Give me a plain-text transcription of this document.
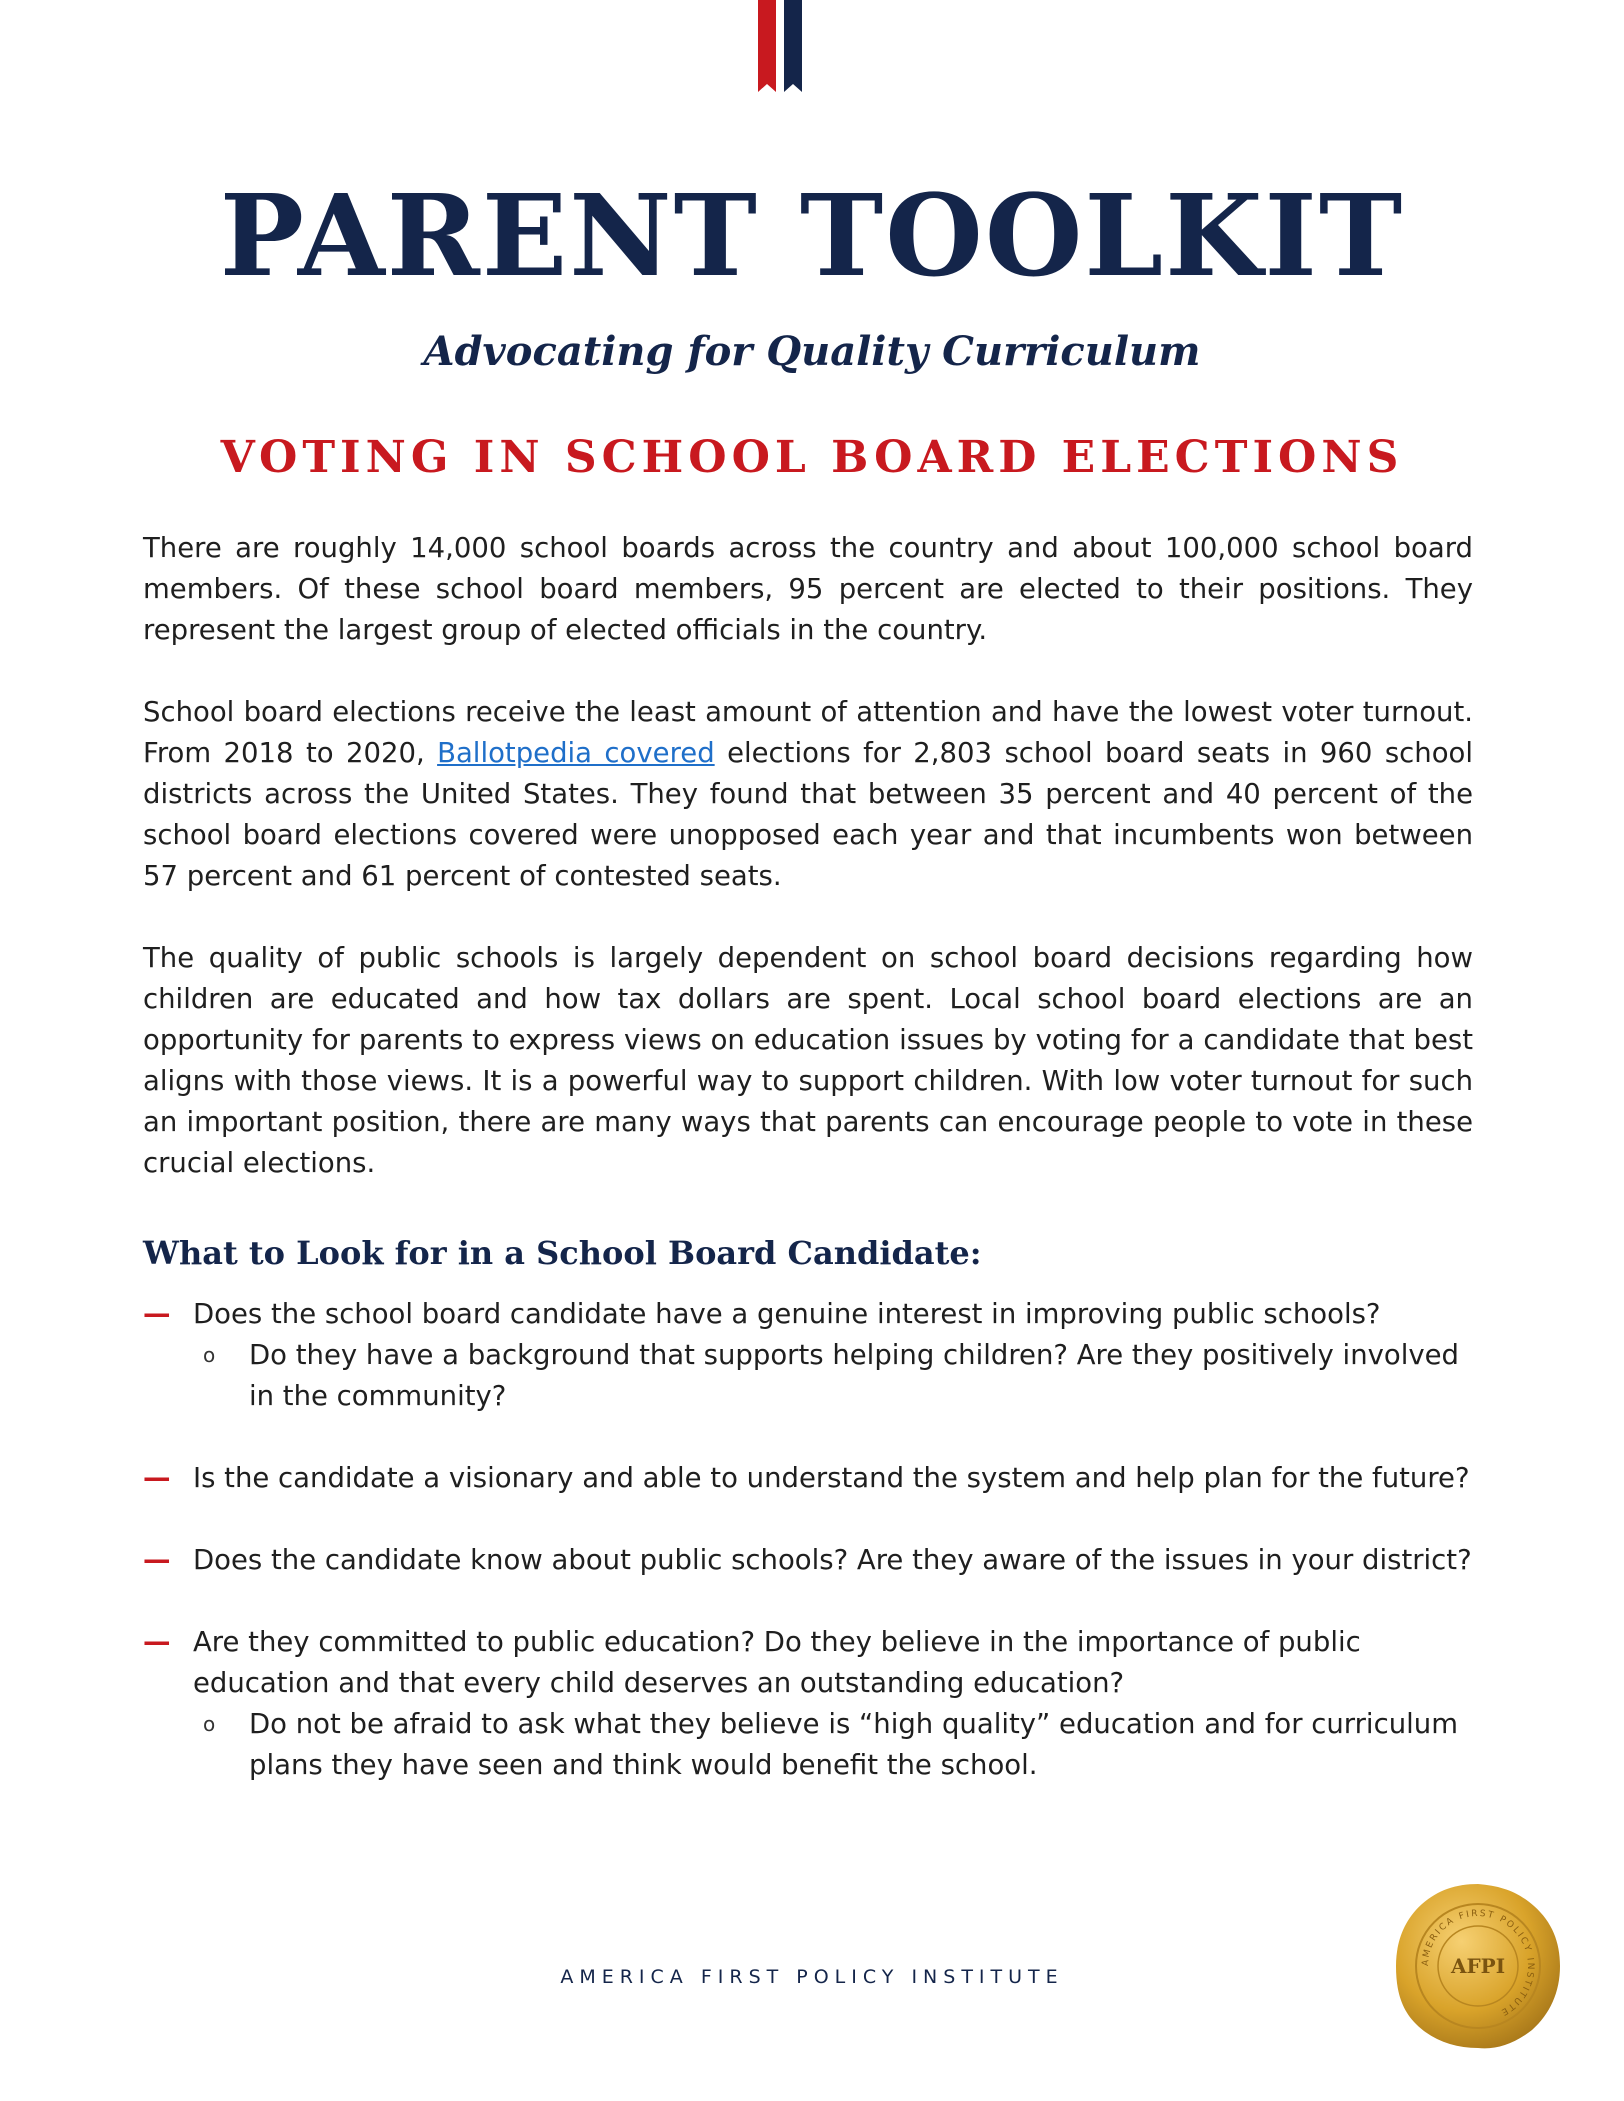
PARENT TOOLKIT
Advocating for Quality Curriculum
VOTING IN SCHOOL BOARD ELECTIONS

There are roughly 14,000 school boards across the country and about 100,000 school board members. Of these school board members, 95 percent are elected to their positions. They represent the largest group of elected officials in the country.

School board elections receive the least amount of attention and have the lowest voter turnout. From 2018 to 2020, Ballotpedia covered elections for 2,803 school board seats in 960 school districts across the United States. They found that between 35 percent and 40 percent of the school board elections covered were unopposed each year and that incumbents won between 57 percent and 61 percent of contested seats.

The quality of public schools is largely dependent on school board decisions regarding how children are educated and how tax dollars are spent. Local school board elections are an opportunity for parents to express views on education issues by voting for a candidate that best aligns with those views. It is a powerful way to support children. With low voter turnout for such an important position, there are many ways that parents can encourage people to vote in these crucial elections.

What to Look for in a School Board Candidate:
— Does the school board candidate have a genuine interest in improving public schools?
o Do they have a background that supports helping children? Are they positively involved in the community?
— Is the candidate a visionary and able to understand the system and help plan for the future?
— Does the candidate know about public schools? Are they aware of the issues in your district?
— Are they committed to public education? Do they believe in the importance of public education and that every child deserves an outstanding education?
o Do not be afraid to ask what they believe is “high quality” education and for curriculum plans they have seen and think would benefit the school.
AMERICA FIRST POLICY INSTITUTE
AMERICA FIRST POLICY INSTITUTE
AFPI
